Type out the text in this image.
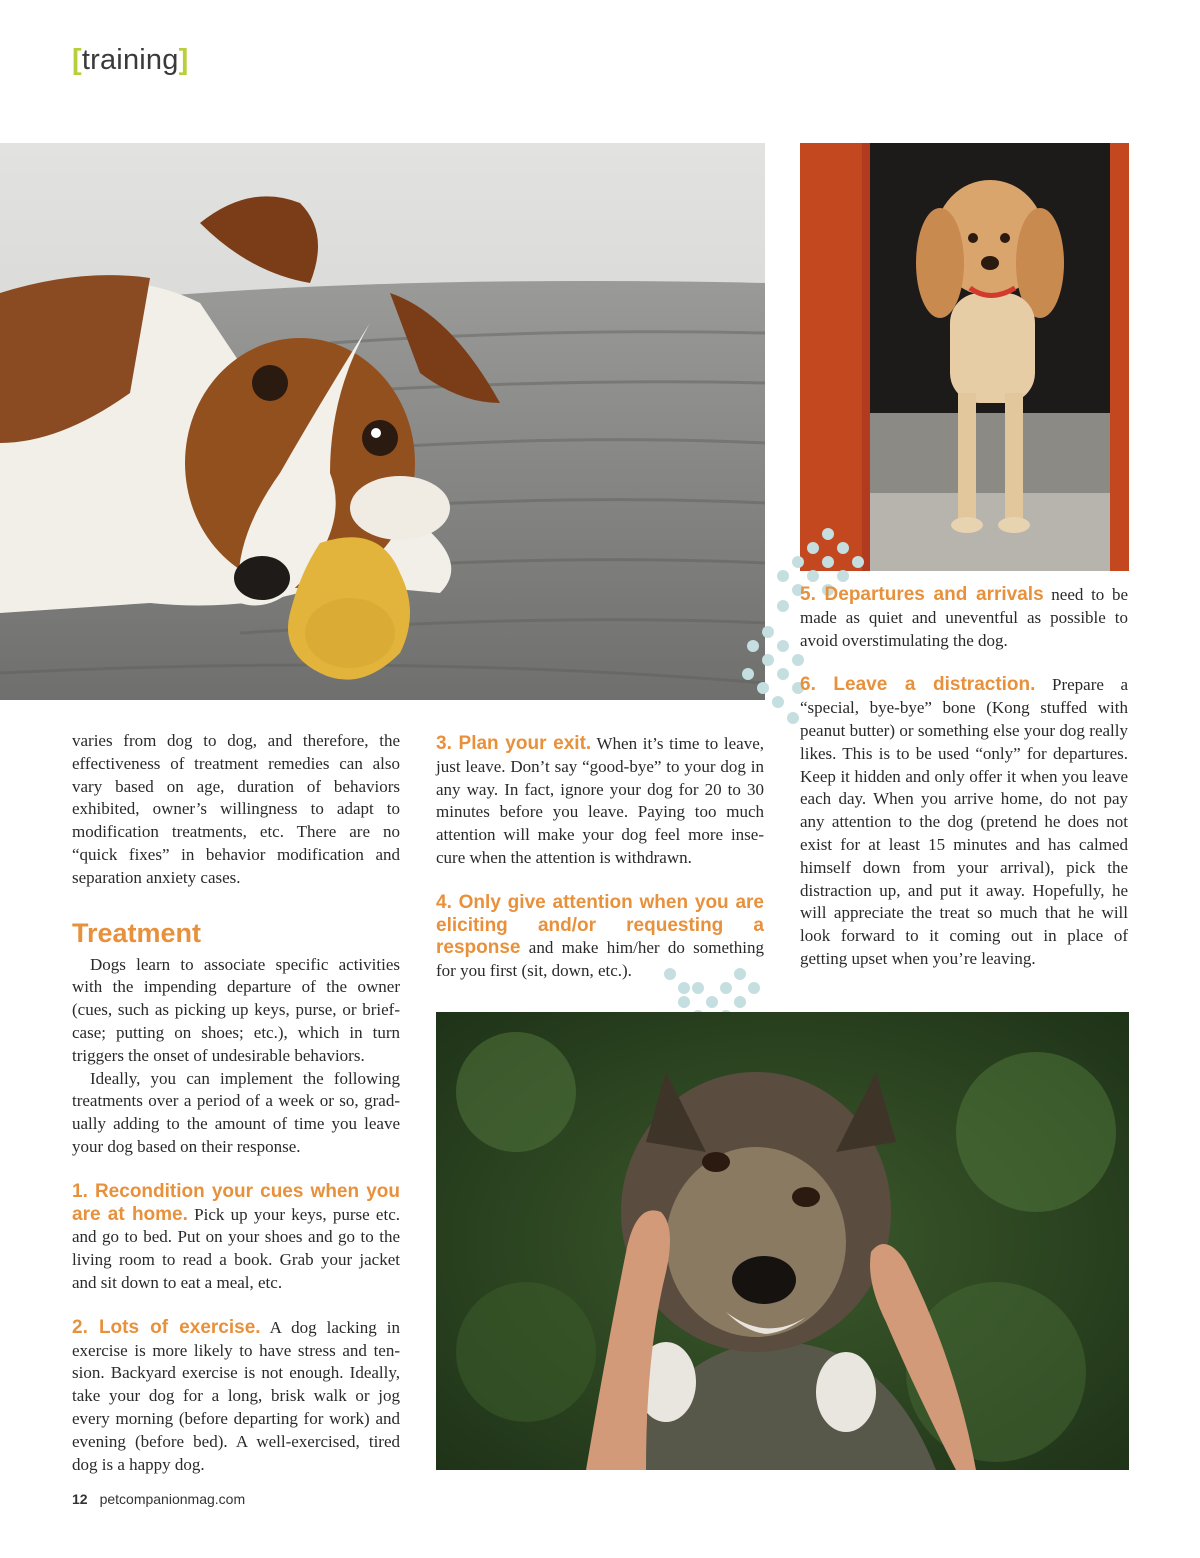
[training]

varies from dog to dog, and therefore, the effectiveness of treatment remedies can also vary based on age, duration of behaviors exhibited, owner’s willingness to adapt to modification treatments, etc. There are no “quick fixes” in behavior modification and separation anxiety cases.

Treatment

Dogs learn to associate specific activities with the impending departure of the owner (cues, such as picking up keys, purse, or brief-case; putting on shoes; etc.), which in turn triggers the onset of undesirable behaviors.

Ideally, you can implement the following treatments over a period of a week or so, grad-ually adding to the amount of time you leave your dog based on their response.

1. Recondition your cues when you are at home. Pick up your keys, purse etc. and go to bed. Put on your shoes and go to the living room to read a book. Grab your jacket and sit down to eat a meal, etc.

2. Lots of exercise. A dog lacking in exercise is more likely to have stress and ten-sion. Backyard exercise is not enough. Ideally, take your dog for a long, brisk walk or jog every morning (before departing for work) and evening (before bed). A well-exercised, tired dog is a happy dog.

3. Plan your exit. When it’s time to leave, just leave. Don’t say “good-bye” to your dog in any way. In fact, ignore your dog for 20 to 30 minutes before you leave. Paying too much attention will make your dog feel more inse-cure when the attention is withdrawn.

4. Only give attention when you are eliciting and/or requesting a response and make him/her do something for you first (sit, down, etc.).

5. Departures and arrivals need to be made as quiet and uneventful as possible to avoid overstimulating the dog.

6. Leave a distraction. Prepare a “special, bye-bye” bone (Kong stuffed with peanut butter) or something else your dog really likes. This is to be used “only” for departures. Keep it hidden and only offer it when you leave each day. When you arrive home, do not pay any attention to the dog (pretend he does not exist for at least 15 minutes and has calmed himself down from your arrival), pick the distraction up, and put it away. Hopefully, he will appreciate the treat so much that he will look forward to it coming out in place of getting upset when you’re leaving.

12 petcompanionmag.com
